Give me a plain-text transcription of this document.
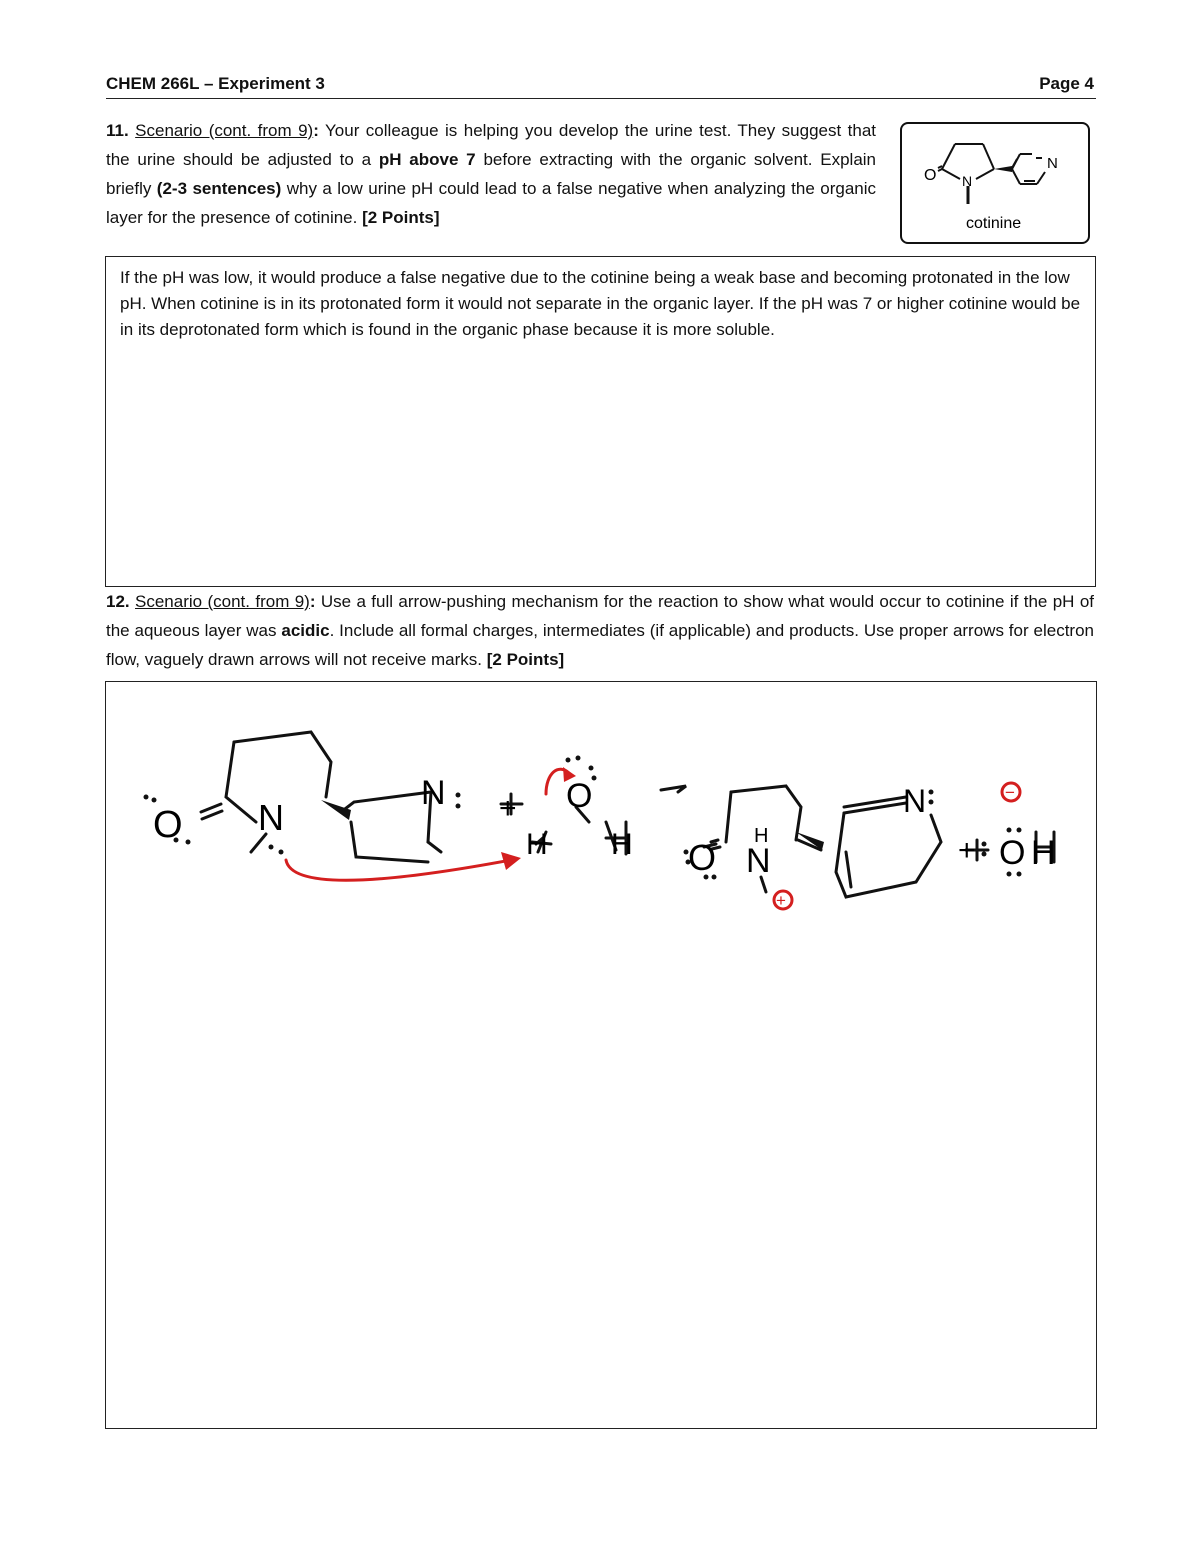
CHEM 266L – Experiment 3	Page 4
11. Scenario (cont. from 9): Your colleague is helping you develop the urine test. They suggest that the urine should be adjusted to a pH above 7 before extracting with the organic solvent. Explain briefly (2-3 sentences) why a low urine pH could lead to a false negative when analyzing the organic layer for the presence of cotinine. [2 Points]
O N
N
cotinine

If the pH was low, it would produce a false negative due to the cotinine being a weak base and becoming protonated in the low pH. When cotinine is in its protonated form it would not separate in the organic layer. If the pH was 7 or higher cotinine would be in its deprotonated form which is found in the organic phase because it is more soluble.

12. Scenario (cont. from 9): Use a full arrow-pushing mechanism for the reaction to show what would occur to cotinine if the pH of the aqueous layer was acidic. Include all formal charges, intermediates (if applicable) and products. Use proper arrows for electron flow, vaguely drawn arrows will not receive marks. [2 Points]
O N
N + O
H H O
H
N
N
+ O H
+
−
